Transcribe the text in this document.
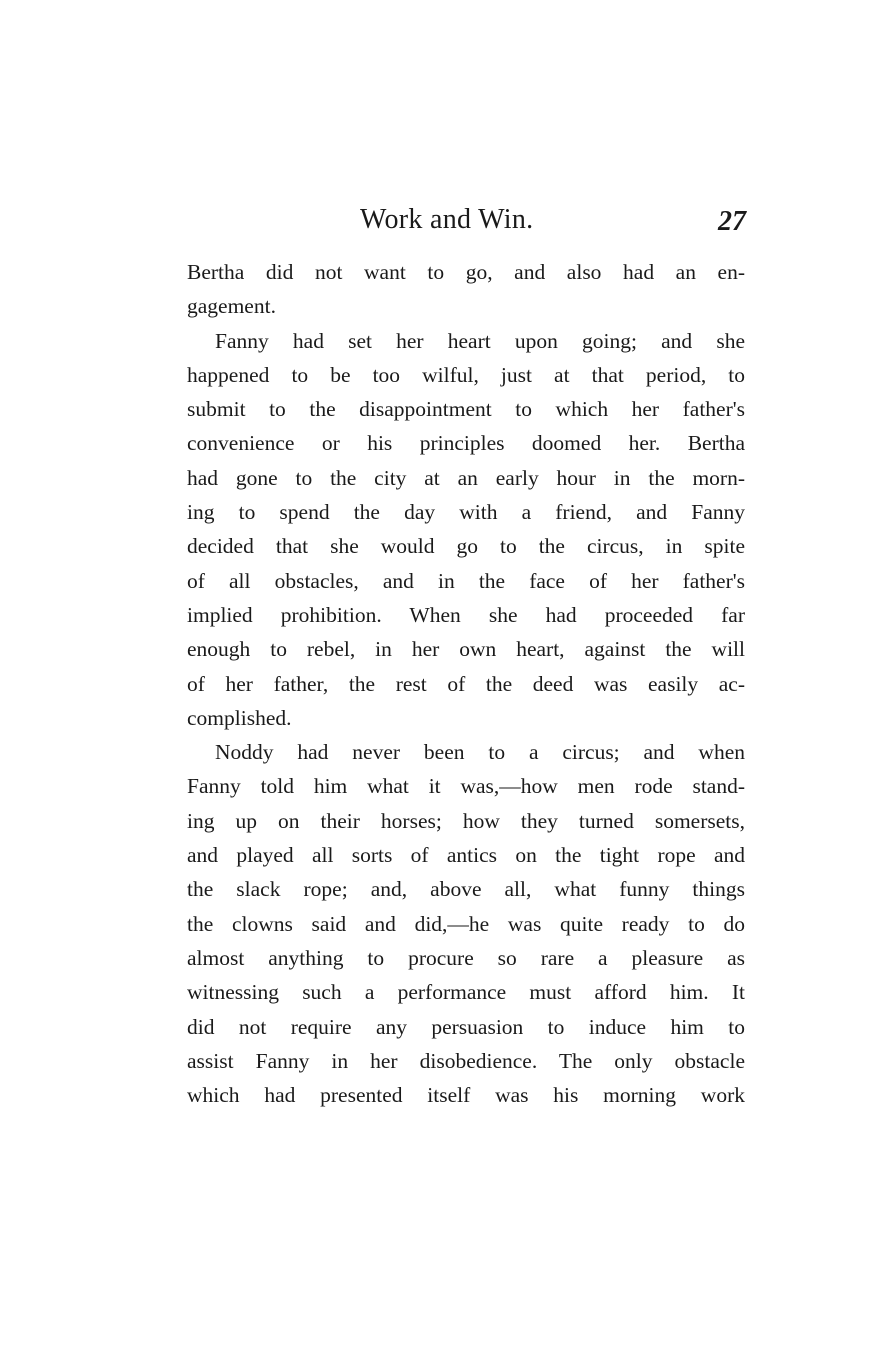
Work and Win.	27
Bertha did not want to go, and also had an en-
gagement.
Fanny had set her heart upon going; and she
happened to be too wilful, just at that period, to
submit to the disappointment to which her father's
convenience or his principles doomed her. Bertha
had gone to the city at an early hour in the morn-
ing to spend the day with a friend, and Fanny
decided that she would go to the circus, in spite
of all obstacles, and in the face of her father's
implied prohibition. When she had proceeded far
enough to rebel, in her own heart, against the will
of her father, the rest of the deed was easily ac-
complished.
Noddy had never been to a circus; and when
Fanny told him what it was,—how men rode stand-
ing up on their horses; how they turned somersets,
and played all sorts of antics on the tight rope and
the slack rope; and, above all, what funny things
the clowns said and did,—he was quite ready to do
almost anything to procure so rare a pleasure as
witnessing such a performance must afford him. It
did not require any persuasion to induce him to
assist Fanny in her disobedience. The only obstacle
which had presented itself was his morning work
